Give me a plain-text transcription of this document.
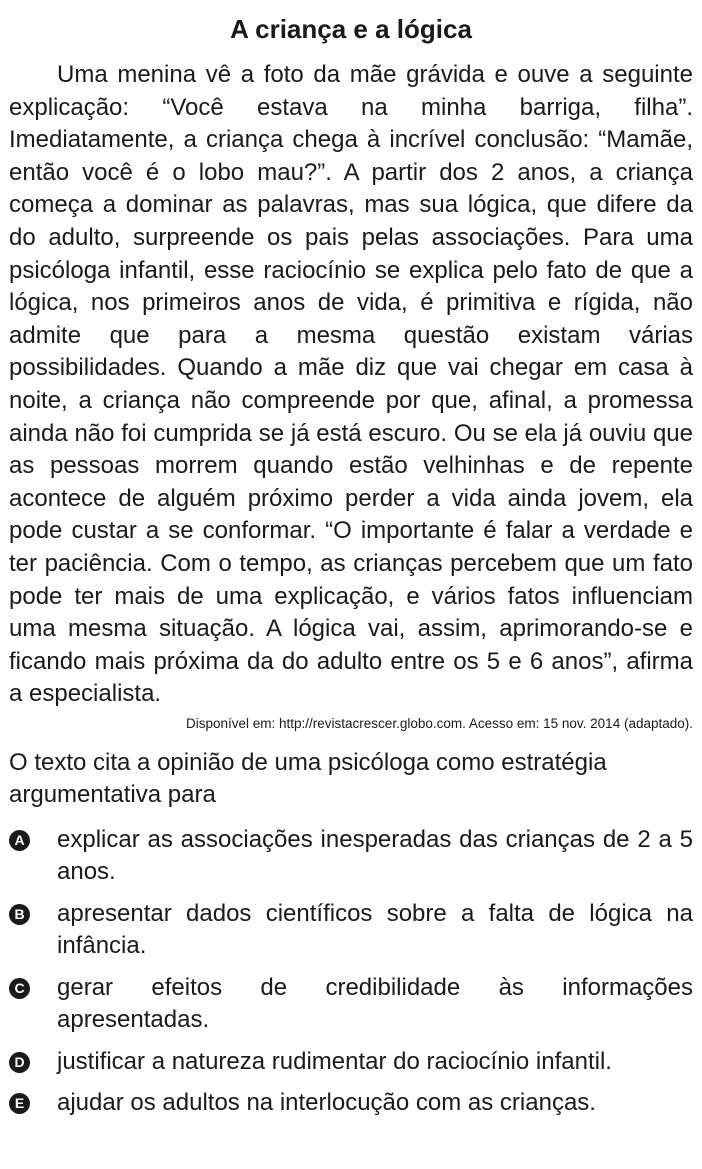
A criança e a lógica

Uma menina vê a foto da mãe grávida e ouve a seguinte explicação: “Você estava na minha barriga, filha”. Imediatamente, a criança chega à incrível conclusão: “Mamãe, então você é o lobo mau?”. A partir dos 2 anos, a criança começa a dominar as palavras, mas sua lógica, que difere da do adulto, surpreende os pais pelas associações. Para uma psicóloga infantil, esse raciocínio se explica pelo fato de que a lógica, nos primeiros anos de vida, é primitiva e rígida, não admite que para a mesma questão existam várias possibilidades. Quando a mãe diz que vai chegar em casa à noite, a criança não compreende por que, afinal, a promessa ainda não foi cumprida se já está escuro. Ou se ela já ouviu que as pessoas morrem quando estão velhinhas e de repente acontece de alguém próximo perder a vida ainda jovem, ela pode custar a se conformar. “O importante é falar a verdade e ter paciência. Com o tempo, as crianças percebem que um fato pode ter mais de uma explicação, e vários fatos influenciam uma mesma situação. A lógica vai, assim, aprimorando-se e ficando mais próxima da do adulto entre os 5 e 6 anos”, afirma a especialista.

Disponível em: http://revistacrescer.globo.com. Acesso em: 15 nov. 2014 (adaptado).

O texto cita a opinião de uma psicóloga como estratégia argumentativa para

A explicar as associações inesperadas das crianças de 2 a 5 anos.
B apresentar dados científicos sobre a falta de lógica na infância.
C gerar efeitos de credibilidade às informações apresentadas.
D justificar a natureza rudimentar do raciocínio infantil.
E ajudar os adultos na interlocução com as crianças.
